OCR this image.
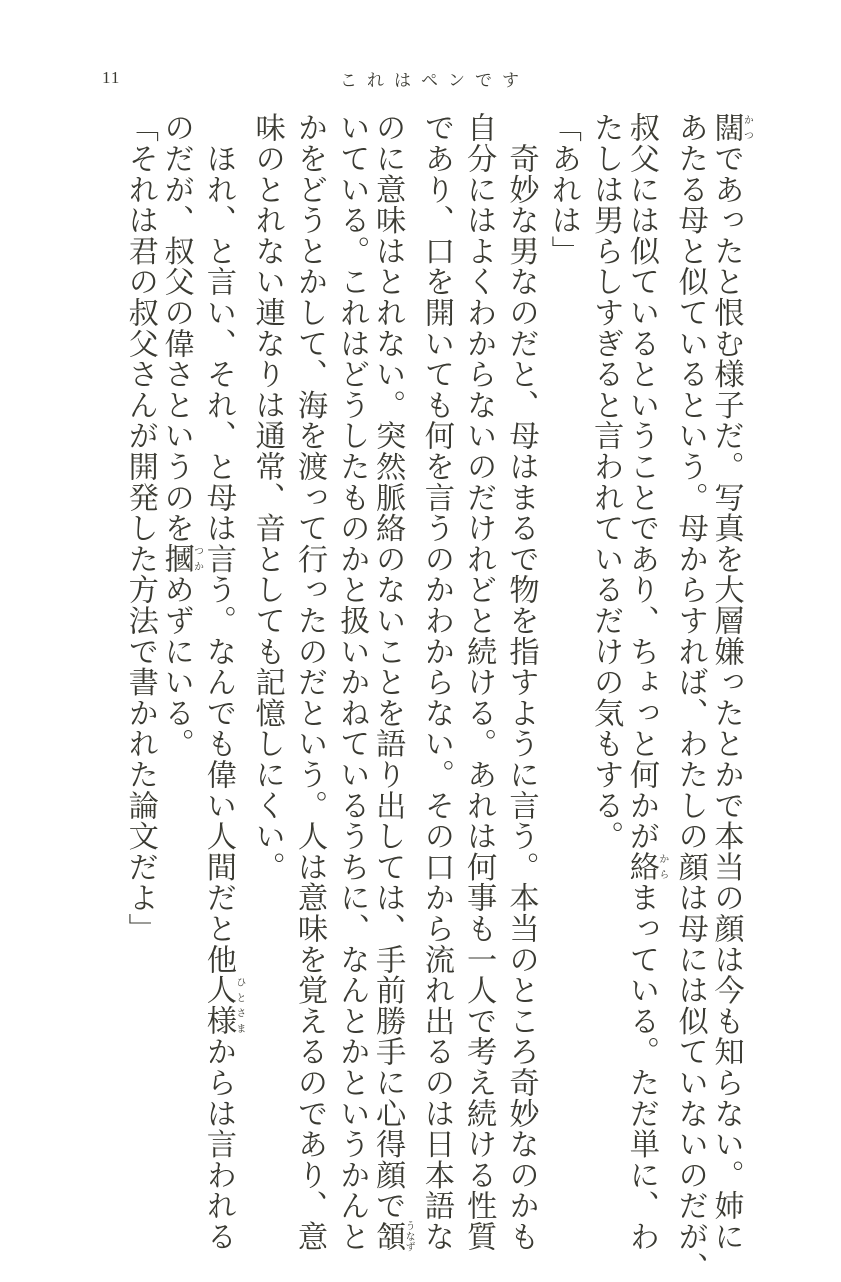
11	これはペンです
闊かつであったと恨む様子だ。写真を大層嫌ったとかで本当の顔は今も知らない。姉に
あたる母と似ているという。母からすれば、わたしの顔は母には似ていないのだが、
叔父には似ているということであり、ちょっと何かが絡からまっている。ただ単に、わ
たしは男らしすぎると言われているだけの気もする。
「あれは」
　奇妙な男なのだと、母はまるで物を指すように言う。本当のところ奇妙なのかも
自分にはよくわからないのだけれどと続ける。あれは何事も一人で考え続ける性質
であり、口を開いても何を言うのかわからない。その口から流れ出るのは日本語な
のに意味はとれない。突然脈絡のないことを語り出しては、手前勝手に心得顔で頷うなず
いている。これはどうしたものかと扱いかねているうちに、なんとかというかんと
かをどうとかして、海を渡って行ったのだという。人は意味を覚えるのであり、意
味のとれない連なりは通常、音としても記憶しにくい。
　ほれ、と言い、それ、と母は言う。なんでも偉い人間だと他人様ひとさまからは言われる
のだが、叔父の偉さというのを摑つかめずにいる。
「それは君の叔父さんが開発した方法で書かれた論文だよ」
